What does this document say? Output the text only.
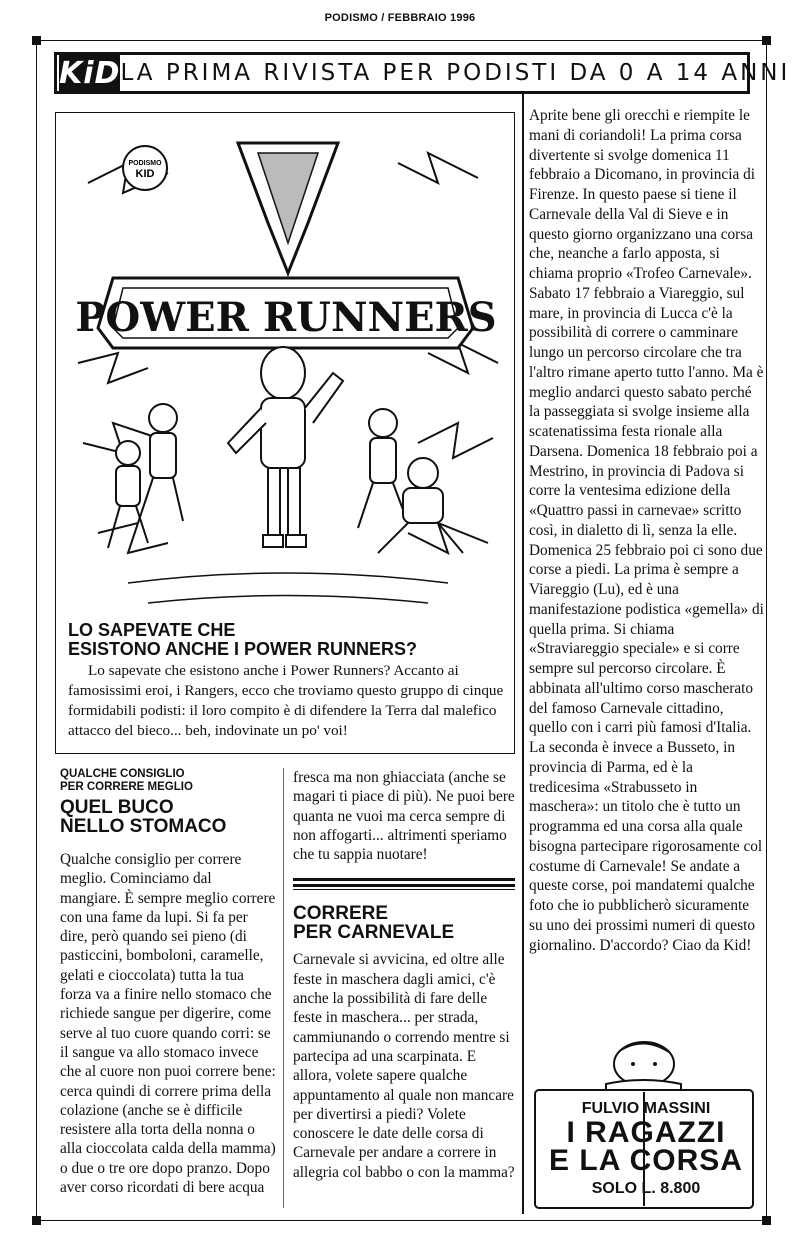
PODISMO / FEBBRAIO 1996
KiD LA PRIMA RIVISTA PER PODISTI DA 0 A 14 ANNI
PODISMO
KID
POWER RUNNERS
LO SAPEVATE CHE
ESISTONO ANCHE I POWER RUNNERS?

Lo sapevate che esistono anche i Power Runners? Accanto ai famosissimi eroi, i Rangers, ecco che troviamo questo gruppo di cinque formidabili podisti: il loro compito è di difendere la Terra dal malefico attacco del bieco... beh, indovinate un po' voi!

QUALCHE CONSIGLIO
PER CORRERE MEGLIO
QUEL BUCO
NELLO STOMACO

Qualche consiglio per correre meglio. Cominciamo dal mangiare. È sempre meglio correre con una fame da lupi. Si fa per dire, però quando sei pieno (di pasticcini, bomboloni, caramelle, gelati e cioccolata) tutta la tua forza va a finire nello stomaco che richiede sangue per digerire, come serve al tuo cuore quando corri: se il sangue va allo stomaco invece che al cuore non puoi correre bene: cerca quindi di correre prima della colazione (anche se è difficile resistere alla torta della nonna o alla cioccolata calda della mamma) o due o tre ore dopo pranzo. Dopo aver corso ricordati di bere acqua

fresca ma non ghiacciata (anche se magari ti piace di più). Ne puoi bere quanta ne vuoi ma cerca sempre di non affogarti... altrimenti speriamo che tu sappia nuotare!

CORRERE
PER CARNEVALE

Carnevale si avvicina, ed oltre alle feste in maschera dagli amici, c'è anche la possibilità di fare delle feste in maschera... per strada, cammiunando o correndo mentre si partecipa ad una scarpinata. E allora, volete sapere qualche appuntamento al quale non mancare per divertirsi a piedi? Volete conoscere le date delle corsa di Carnevale per andare a correre in allegria col babbo o con la mamma?

Aprite bene gli orecchi e riempite le mani di coriandoli! La prima corsa divertente si svolge domenica 11 febbraio a Dicomano, in provincia di Firenze. In questo paese si tiene il Carnevale della Val di Sieve e in questo giorno organizzano una corsa che, neanche a farlo apposta, si chiama proprio «Trofeo Carnevale». Sabato 17 febbraio a Viareggio, sul mare, in provincia di Lucca c'è la possibilità di correre o camminare lungo un percorso circolare che tra l'altro rimane aperto tutto l'anno. Ma è meglio andarci questo sabato perché la passeggiata si svolge insieme alla scatenatissima festa rionale alla Darsena. Domenica 18 febbraio poi a Mestrino, in provincia di Padova si corre la ventesima edizione della «Quattro passi in carnevae» scritto così, in dialetto di lì, senza la elle. Domenica 25 febbraio poi ci sono due corse a piedi. La prima è sempre a Viareggio (Lu), ed è una manifestazione podistica «gemella» di quella prima. Si chiama «Straviareggio speciale» e si corre sempre sul percorso circolare. È abbinata all'ultimo corso mascherato del famoso Carnevale cittadino, quello con i carri più famosi d'Italia. La seconda è invece a Busseto, in provincia di Parma, ed è la tredicesima «Strabusseto in maschera»: un titolo che è tutto un programma ed una corsa alla quale bisogna partecipare rigorosamente col costume di Carnevale! Se andate a queste corse, poi mandatemi qualche foto che io pubblicherò sicuramente su uno dei prossimi numeri di questo giornalino. D'accordo? Ciao da Kid!
FULVIO MASSINI
I RAGAZZI
E LA CORSA
SOLO L. 8.800
